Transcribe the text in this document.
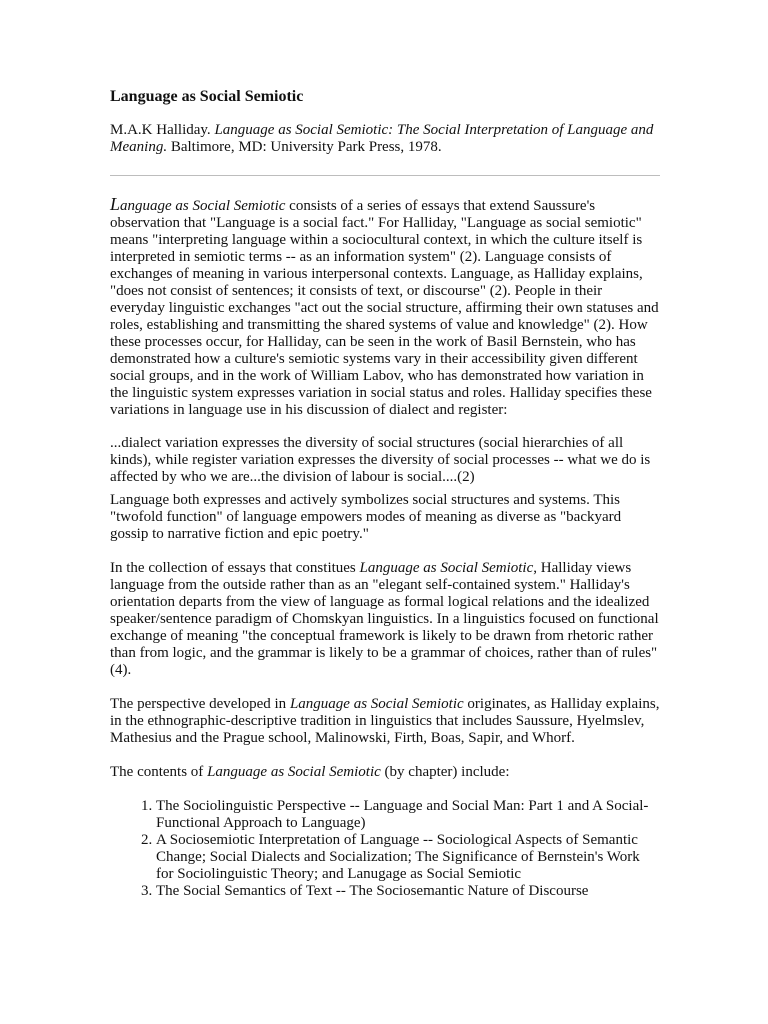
Language as Social Semiotic

M.A.K Halliday. Language as Social Semiotic: The Social Interpretation of Language and Meaning. Baltimore, MD: University Park Press, 1978.

Language as Social Semiotic consists of a series of essays that extend Saussure's observation that "Language is a social fact." For Halliday, "Language as social semiotic" means "interpreting language within a sociocultural context, in which the culture itself is interpreted in semiotic terms -- as an information system" (2). Language consists of exchanges of meaning in various interpersonal contexts. Language, as Halliday explains, "does not consist of sentences; it consists of text, or discourse" (2). People in their everyday linguistic exchanges "act out the social structure, affirming their own statuses and roles, establishing and transmitting the shared systems of value and knowledge" (2). How these processes occur, for Halliday, can be seen in the work of Basil Bernstein, who has demonstrated how a culture's semiotic systems vary in their accessibility given different social groups, and in the work of William Labov, who has demonstrated how variation in the linguistic system expresses variation in social status and roles. Halliday specifies these variations in language use in his discussion of dialect and register:

...dialect variation expresses the diversity of social structures (social hierarchies of all kinds), while register variation expresses the diversity of social processes -- what we do is affected by who we are...the division of labour is social....(2)

Language both expresses and actively symbolizes social structures and systems. This "twofold function" of language empowers modes of meaning as diverse as "backyard gossip to narrative fiction and epic poetry."

In the collection of essays that constitues Language as Social Semiotic, Halliday views language from the outside rather than as an "elegant self-contained system." Halliday's orientation departs from the view of language as formal logical relations and the idealized speaker/sentence paradigm of Chomskyan linguistics. In a linguistics focused on functional exchange of meaning "the conceptual framework is likely to be drawn from rhetoric rather than from logic, and the grammar is likely to be a grammar of choices, rather than of rules" (4).

The perspective developed in Language as Social Semiotic originates, as Halliday explains, in the ethnographic-descriptive tradition in linguistics that includes Saussure, Hyelmslev, Mathesius and the Prague school, Malinowski, Firth, Boas, Sapir, and Whorf.

The contents of Language as Social Semiotic (by chapter) include:

1. The Sociolinguistic Perspective -- Language and Social Man: Part 1 and A Social-Functional Approach to Language)
2. A Sociosemiotic Interpretation of Language -- Sociological Aspects of Semantic Change; Social Dialects and Socialization; The Significance of Bernstein's Work for Sociolinguistic Theory; and Lanugage as Social Semiotic
3. The Social Semantics of Text -- The Sociosemantic Nature of Discourse
